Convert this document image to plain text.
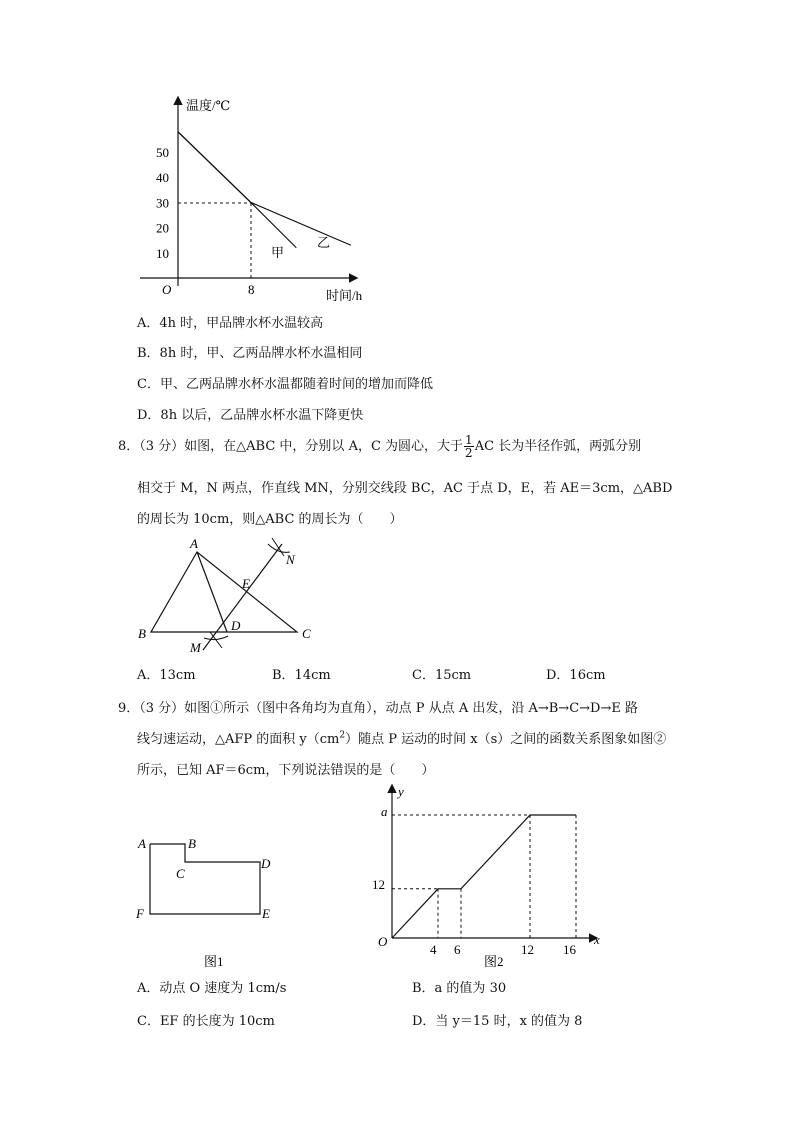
温度/℃
时间/h
O
10
20
30
40
50
8
甲
乙
A．4h 时，甲品牌水杯水温较高
B．8h 时，甲、乙两品牌水杯水温相同
C．甲、乙两品牌水杯水温都随着时间的增加而降低
D．8h 以后，乙品牌水杯水温下降更快
8．（3 分）如图，在△ABC 中，分别以 A，C 为圆心，大于 $\frac{1}{2}$ AC 长为半径作弧，两弧分别
相交于 M，N 两点，作直线 MN，分别交线段 BC，AC 于点 D，E，若 AE＝3cm，△ABD
的周长为 10cm，则△ABC 的周长为（　　）
A
B	C
D
E
M
N
A．13cm	B．14cm	C．15cm	D．16cm
9．（3 分）如图①所示（图中各角均为直角），动点 P 从点 A 出发，沿 A→B→C→D→E 路
线匀速运动，△AFP 的面积 $y(cm^2)$随点 P 运动的时间 x（s）之间的函数关系图象如图②
所示，已知 AF＝6cm，下列说法错误的是（　　）
A	B
C
D
E
F
图1
y
x
O
a
12
4 6	12 16
图2
A．动点 O 速度为 1cm/s	B．a 的值为 30
C．EF 的长度为 10cm	D．当 y＝15 时，x 的值为 8
